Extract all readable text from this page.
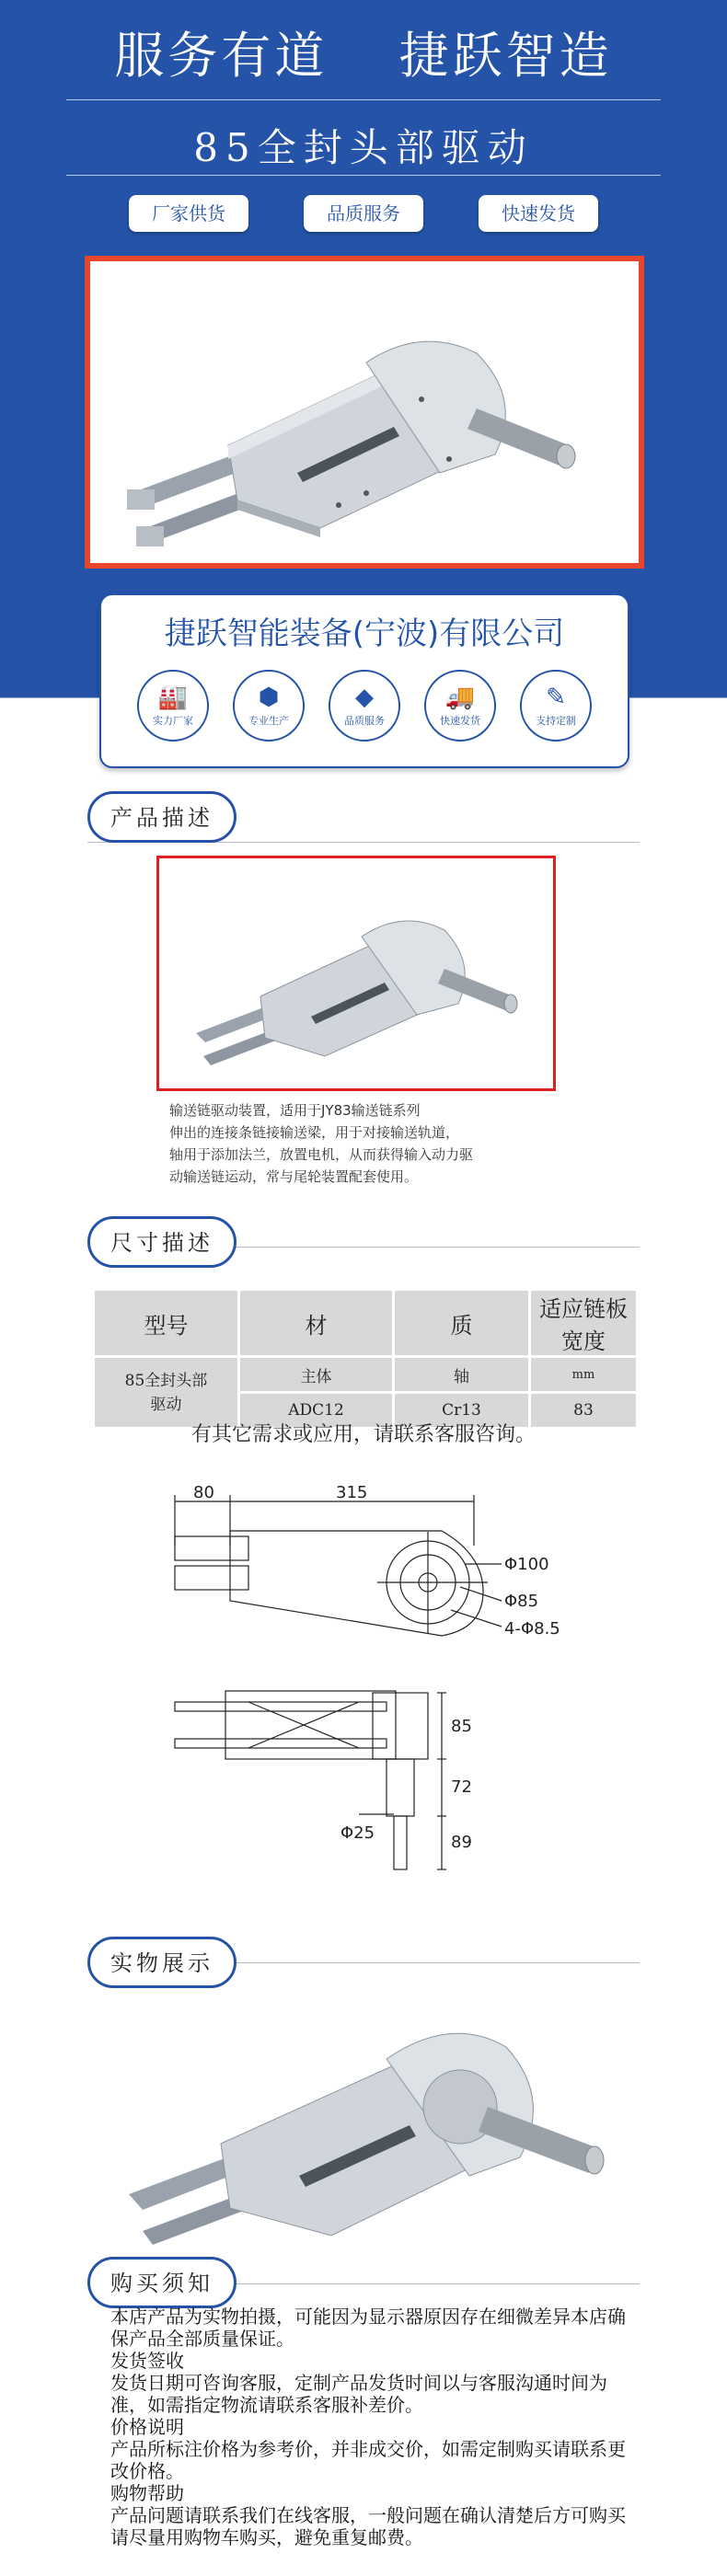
服务有道 捷跃智造
85全封头部驱动
厂家供货	品质服务	快速发货
捷跃智能装备(宁波)有限公司
🏭
实力厂家
⬢
专业生产
◆
品质服务
🚚
快速发货
✎
支持定制
产品描述
输送链驱动装置，适用于JY83输送链系列
伸出的连接条链接输送梁，用于对接输送轨道，
轴用于添加法兰，放置电机，从而获得输入动力驱
动输送链运动，常与尾轮装置配套使用。
尺寸描述
型号	材	质	适应链板宽度
85全封头部驱动	主体	轴	mm
	ADC12	Cr13	83
有其它需求或应用，请联系客服咨询。
80	315
Φ100
Φ85
4-Φ8.5
85
72
89
Φ25
实物展示
购买须知

本店产品为实物拍摄，可能因为显示器原因存在细微差异本店确保产品全部质量保证。

发货签收

发货日期可咨询客服，定制产品发货时间以与客服沟通时间为准，如需指定物流请联系客服补差价。

价格说明

产品所标注价格为参考价，并非成交价，如需定制购买请联系更改价格。

购物帮助

产品问题请联系我们在线客服，一般问题在确认清楚后方可购买请尽量用购物车购买，避免重复邮费。
